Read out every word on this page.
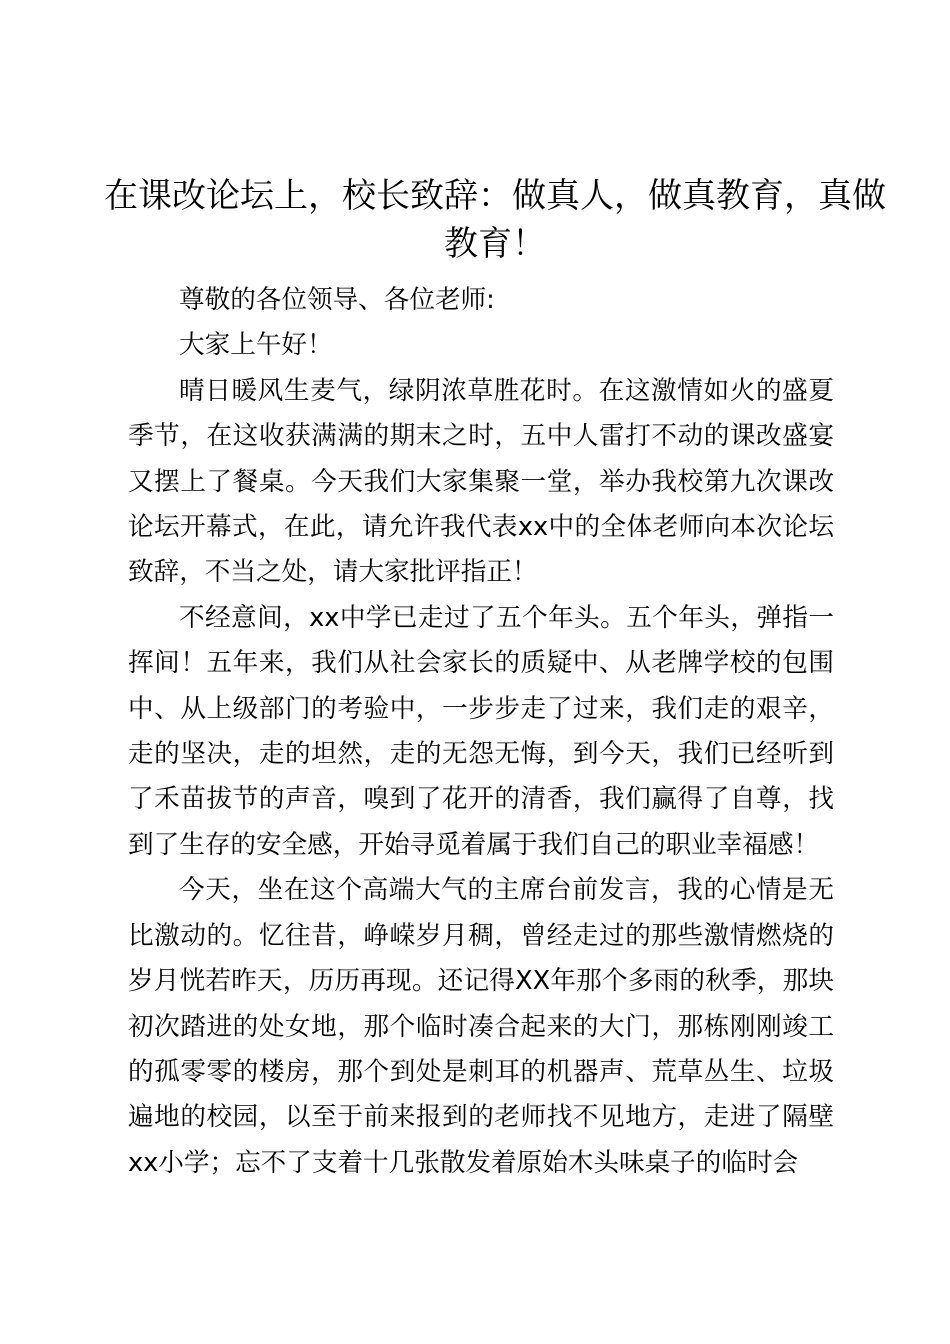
在课改论坛上，校长致辞：做真人，做真教育，真做教育！

尊敬的各位领导、各位老师:

大家上午好！

晴日暖风生麦气，绿阴浓草胜花时。在这激情如火的盛夏季节，在这收获满满的期末之时，五中人雷打不动的课改盛宴又摆上了餐桌。今天我们大家集聚一堂，举办我校第九次课改论坛开幕式，在此，请允许我代表xx中的全体老师向本次论坛致辞，不当之处，请大家批评指正！

不经意间，xx中学已走过了五个年头。五个年头，弹指一挥间！五年来，我们从社会家长的质疑中、从老牌学校的包围中、从上级部门的考验中，一步步走了过来，我们走的艰辛，走的坚决，走的坦然，走的无怨无悔，到今天，我们已经听到了禾苗拔节的声音，嗅到了花开的清香，我们赢得了自尊，找到了生存的安全感，开始寻觅着属于我们自己的职业幸福感！

今天，坐在这个高端大气的主席台前发言，我的心情是无比激动的。忆往昔，峥嵘岁月稠，曾经走过的那些激情燃烧的岁月恍若昨天，历历再现。还记得XX年那个多雨的秋季，那块初次踏进的处女地，那个临时凑合起来的大门，那栋刚刚竣工的孤零零的楼房，那个到处是刺耳的机器声、荒草丛生、垃圾遍地的校园，以至于前来报到的老师找不见地方，走进了隔壁xx小学；忘不了支着十几张散发着原始木头味桌子的临时会
